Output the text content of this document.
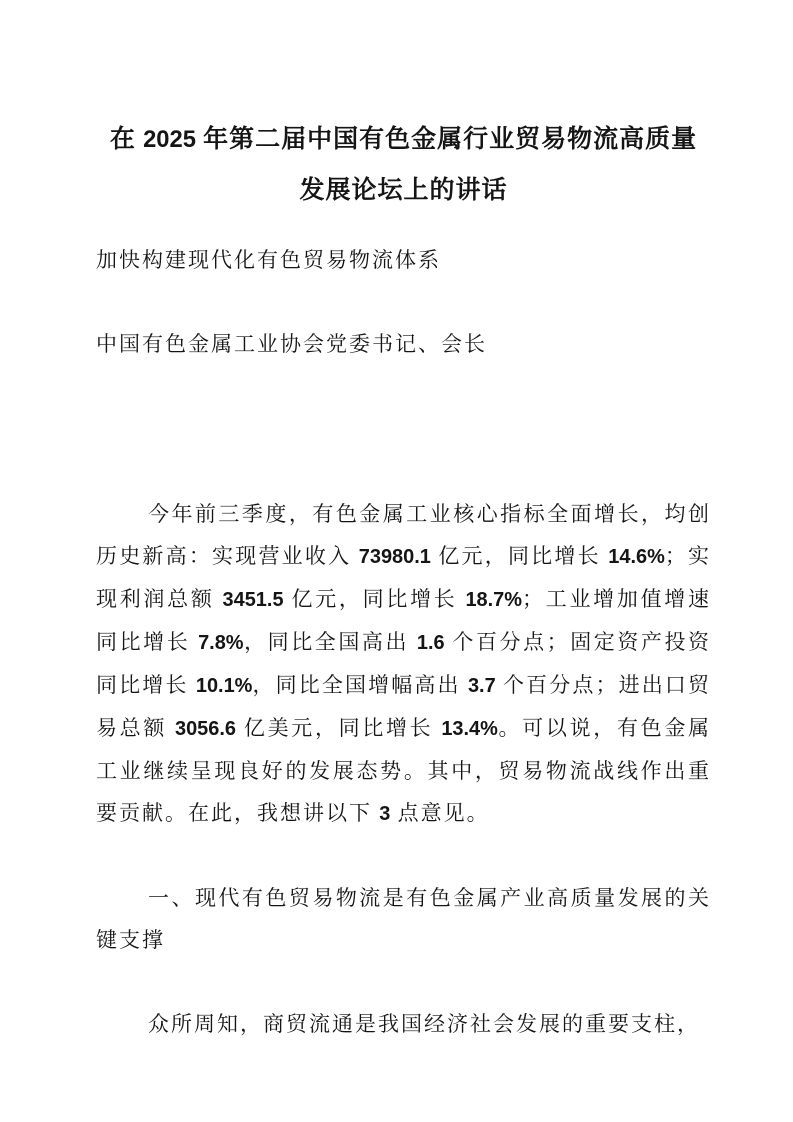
在 2025 年第二届中国有色金属行业贸易物流高质量
发展论坛上的讲话

加快构建现代化有色贸易物流体系

中国有色金属工业协会党委书记、会长

今年前三季度，有色金属工业核心指标全面增长，均创历史新高：实现营业收入 73980.1 亿元，同比增长 14.6%；实现利润总额 3451.5 亿元，同比增长 18.7%；工业增加值增速同比增长 7.8%，同比全国高出 1.6 个百分点；固定资产投资同比增长 10.1%，同比全国增幅高出 3.7 个百分点；进出口贸易总额 3056.6 亿美元，同比增长 13.4%。可以说，有色金属工业继续呈现良好的发展态势。其中，贸易物流战线作出重要贡献。在此，我想讲以下 3 点意见。

一、现代有色贸易物流是有色金属产业高质量发展的关键支撑

众所周知，商贸流通是我国经济社会发展的重要支柱，
